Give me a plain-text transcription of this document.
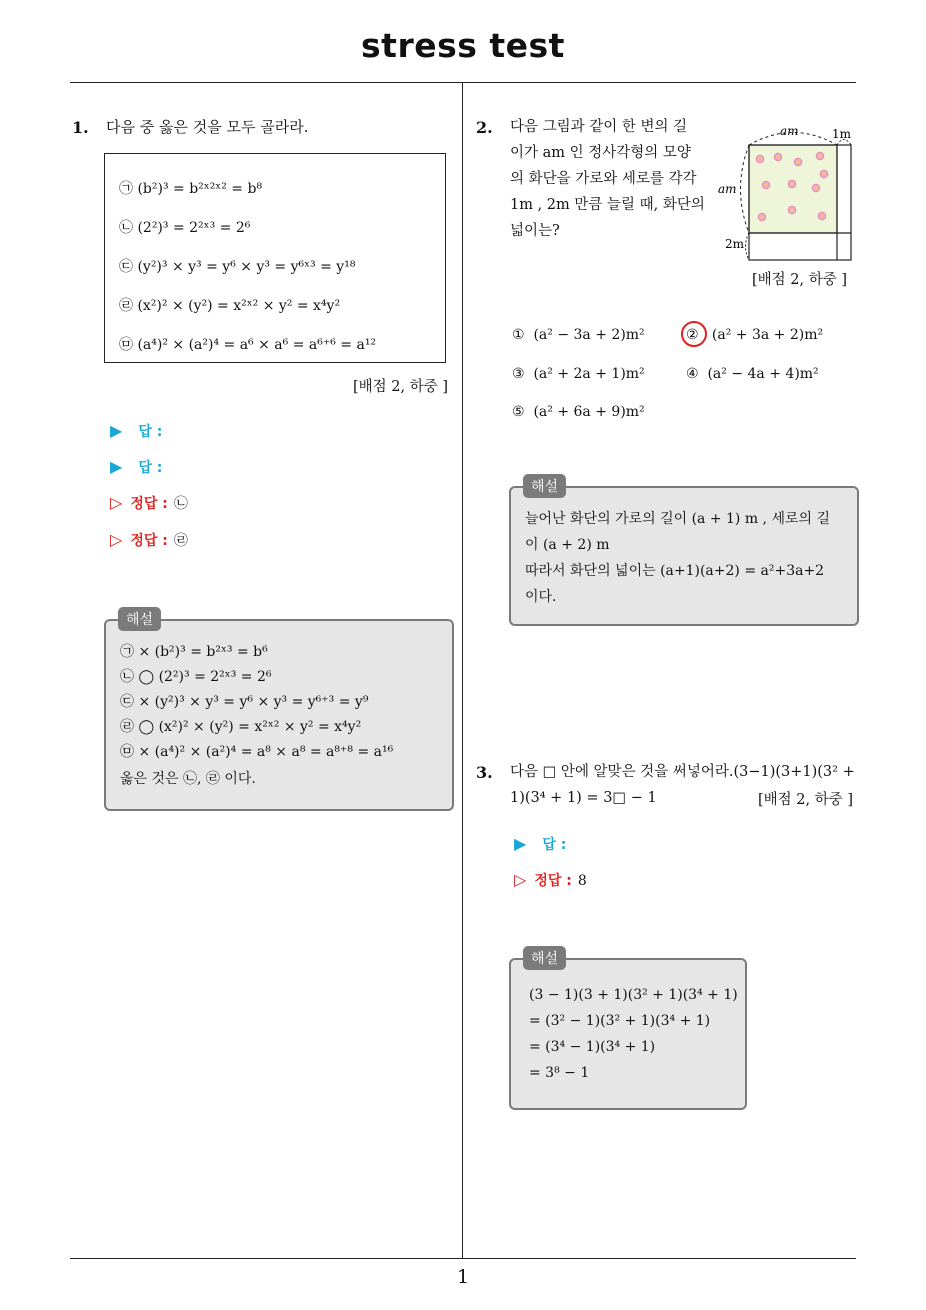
stress test
1
1. 다음 중 옳은 것을 모두 골라라.
㉠ (b²)³ = b²ˣ²ˣ² = b⁸
㉡ (2²)³ = 2²ˣ³ = 2⁶
㉢ (y²)³ × y³ = y⁶ × y³ = y⁶ˣ³ = y¹⁸
㉣ (x²)² × (y²) = x²ˣ² × y² = x⁴y²
㉤ (a⁴)² × (a²)⁴ = a⁶ × a⁶ = a⁶⁺⁶ = a¹²
[배점 2, 하중 ]
▶ 답 :
▶ 답 :
▷ 정답 : ㉡
▷ 정답 : ㉣
해설
㉠ × (b²)³ = b²ˣ³ = b⁶
㉡ ◯ (2²)³ = 2²ˣ³ = 2⁶
㉢ × (y²)³ × y³ = y⁶ × y³ = y⁶⁺³ = y⁹
㉣ ◯ (x²)² × (y²) = x²ˣ² × y² = x⁴y²
㉤ × (a⁴)² × (a²)⁴ = a⁸ × a⁸ = a⁸⁺⁸ = a¹⁶
옳은 것은 ㉡, ㉣ 이다.
2. 다음 그림과 같이 한 변의 길
이가 am 인 정사각형의 모양
의 화단을 가로와 세로를 각각
1m , 2m 만큼 늘릴 때, 화단의
넓이는?
am
am
1m
2m
[배점 2, 하중 ]
① (a² − 3a + 2)m²	② (a² + 3a + 2)m²
③ (a² + 2a + 1)m²	④ (a² − 4a + 4)m²
⑤ (a² + 6a + 9)m²
해설
늘어난 화단의 가로의 길이 (a + 1) m , 세로의 길
이 (a + 2) m
따라서 화단의 넓이는 (a+1)(a+2) = a²+3a+2
이다.
3. 다음 □ 안에 알맞은 것을 써넣어라.(3−1)(3+1)(3² +
1)(3⁴ + 1) = 3□ − 1	[배점 2, 하중 ]
▶ 답 :
▷ 정답 : 8
해설
(3 − 1)(3 + 1)(3² + 1)(3⁴ + 1)
= (3² − 1)(3² + 1)(3⁴ + 1)
= (3⁴ − 1)(3⁴ + 1)
= 3⁸ − 1
